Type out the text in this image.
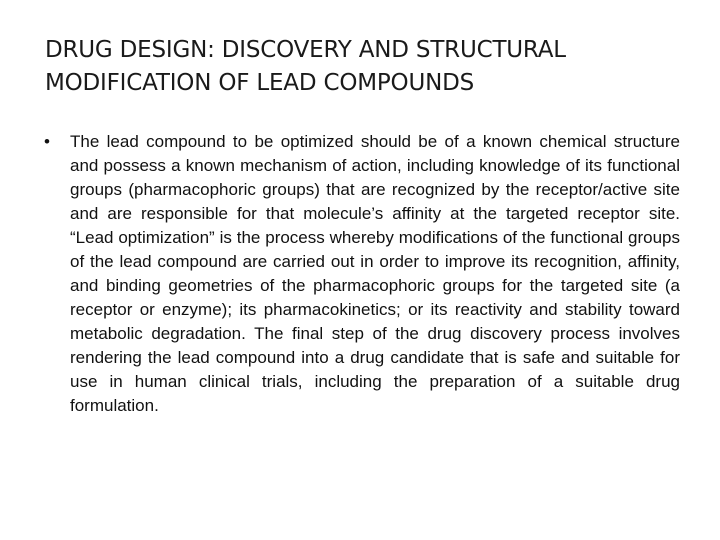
DRUG DESIGN: DISCOVERY AND STRUCTURAL MODIFICATION OF LEAD COMPOUNDS
• The lead compound to be optimized should be of a known chemical structure and possess a known mechanism of action, including knowledge of its functional groups (pharmacophoric groups) that are recognized by the receptor/active site and are responsible for that molecule’s affinity at the targeted receptor site. “Lead optimization” is the process whereby modifications of the functional groups of the lead compound are carried out in order to improve its recognition, affinity, and binding geometries of the pharmacophoric groups for the targeted site (a receptor or enzyme); its pharmacokinetics; or its reactivity and stability toward metabolic degradation. The final step of the drug discovery process involves rendering the lead compound into a drug candidate that is safe and suitable for use in human clinical trials, including the preparation of a suitable drug formulation.
